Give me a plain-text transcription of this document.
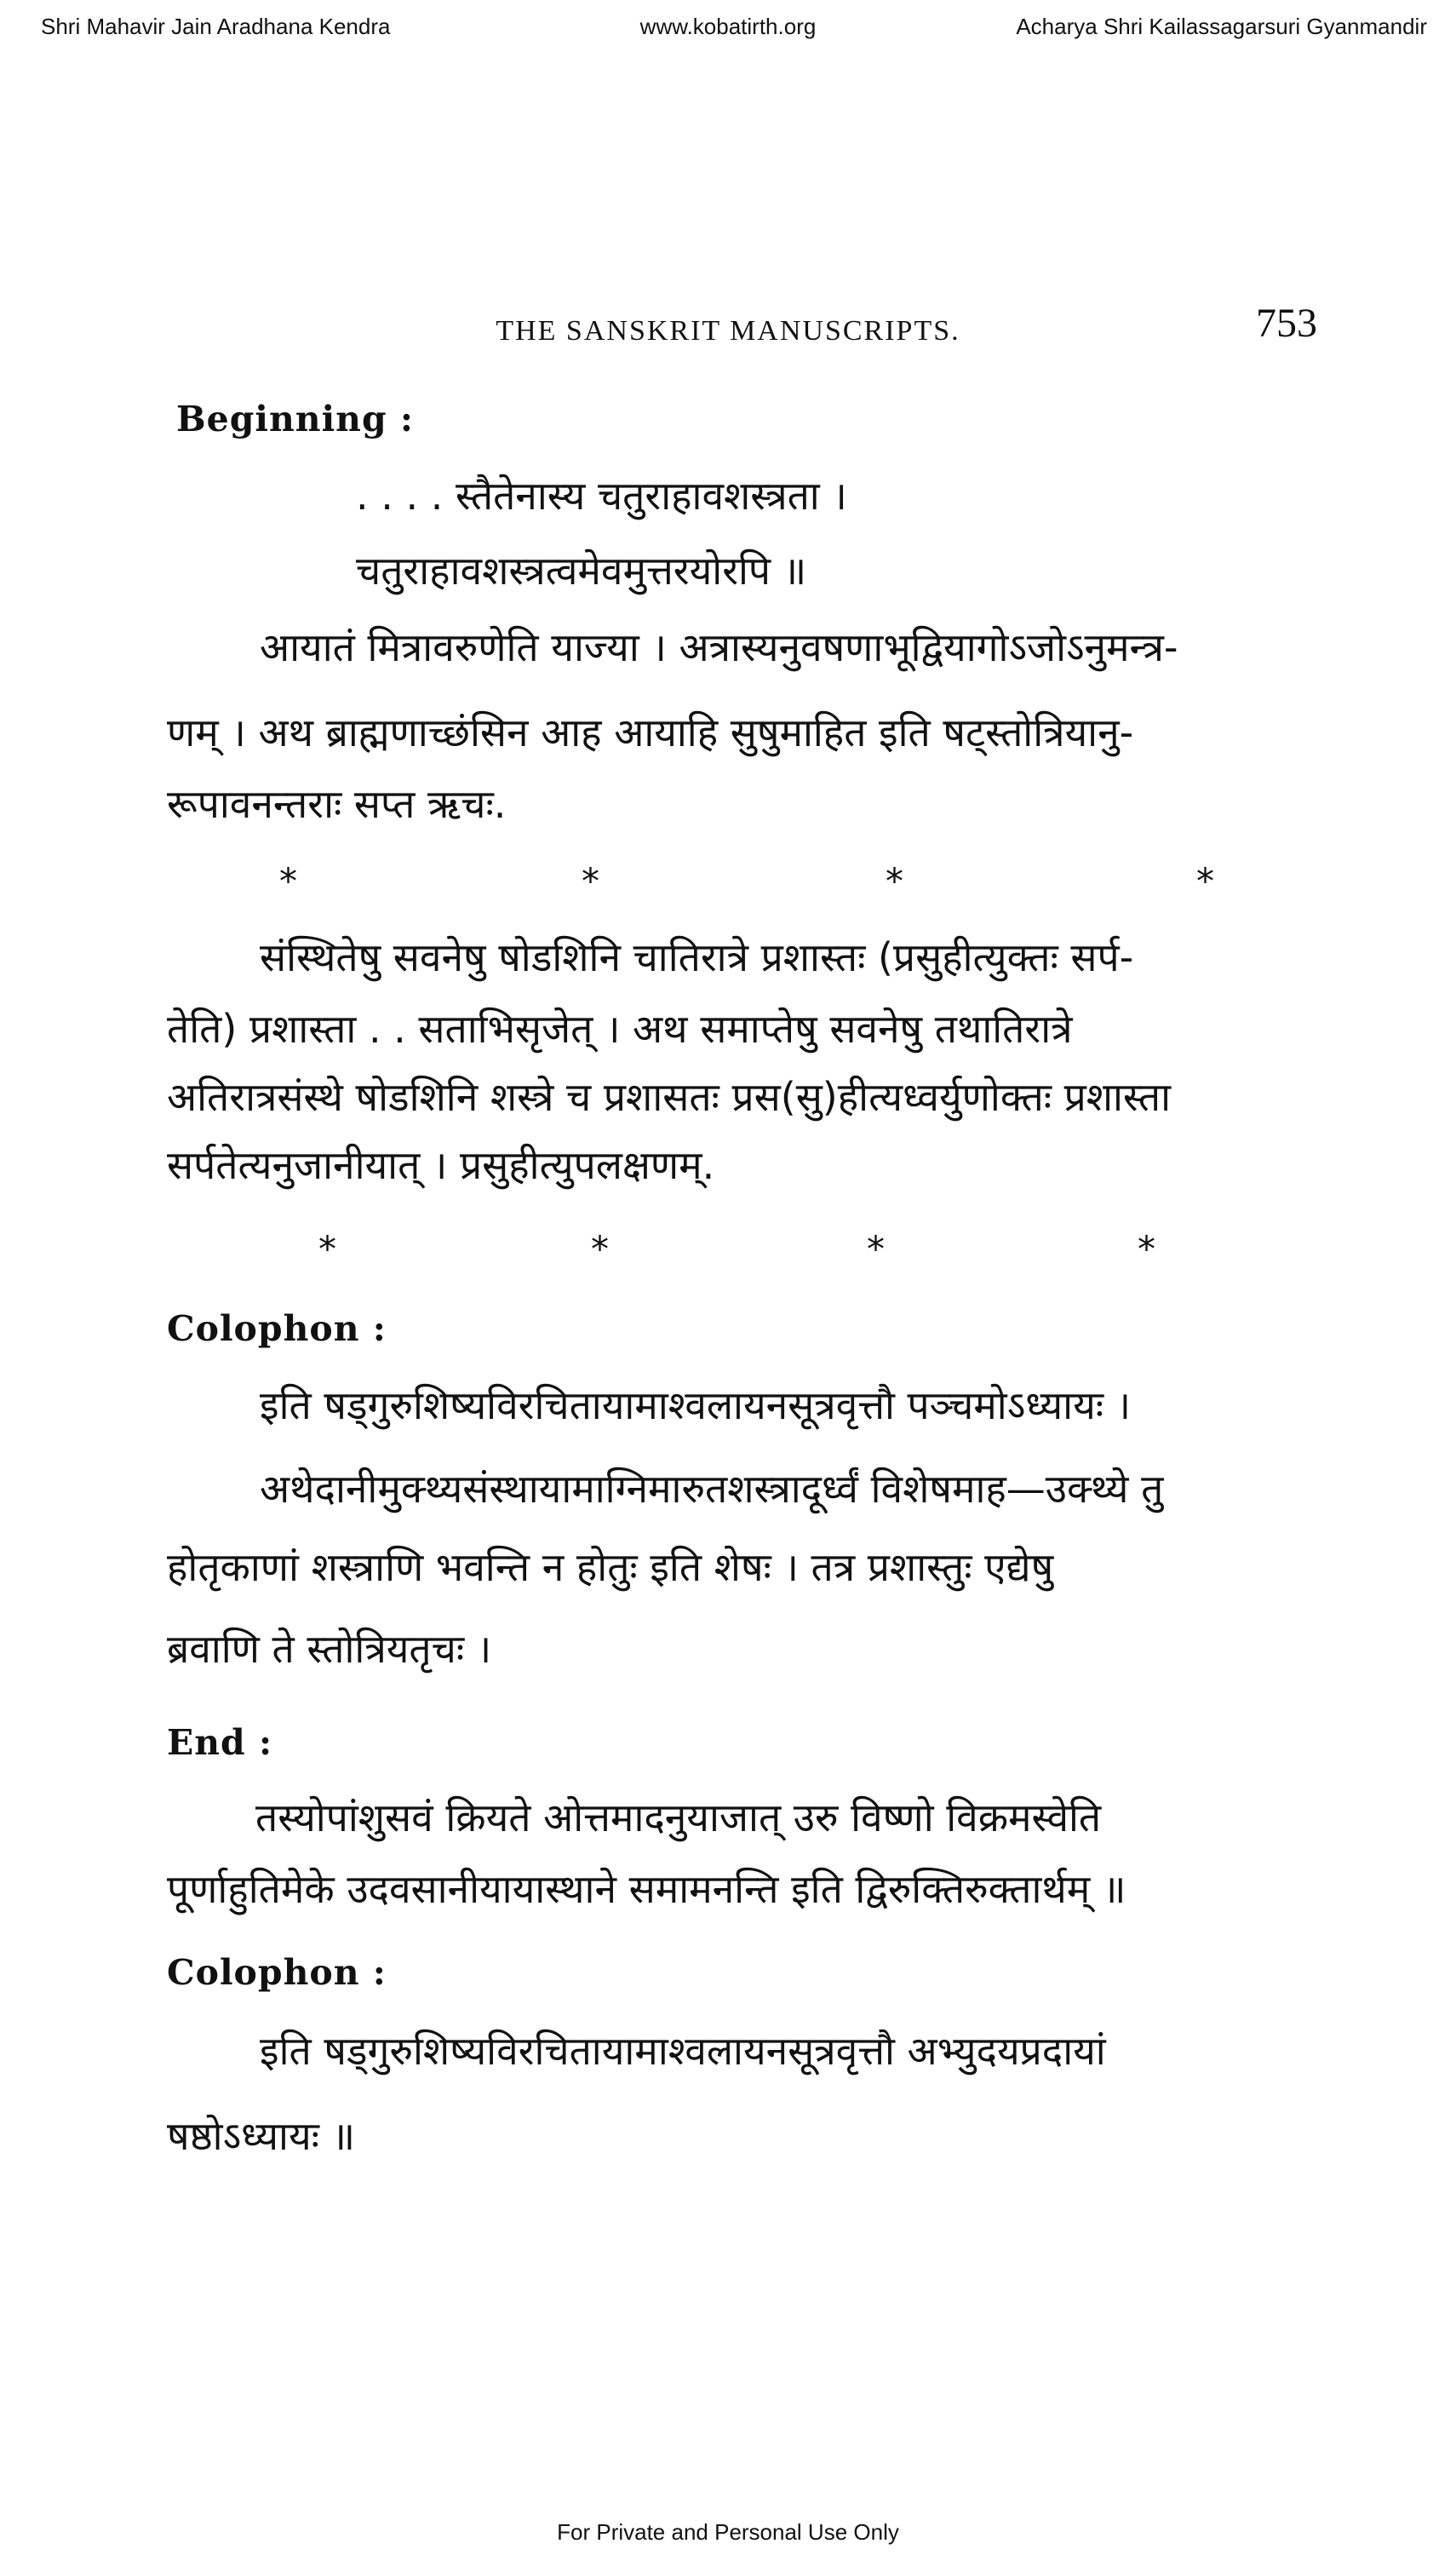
Shri Mahavir Jain Aradhana Kendra	www.kobatirth.org	Acharya Shri Kailassagarsuri Gyanmandir
THE SANSKRIT MANUSCRIPTS.	753
Beginning :
. . . . स्तैतेनास्य चतुराहावशस्त्रता ।
चतुराहावशस्त्रत्वमेवमुत्तरयोरपि ॥
आयातं मित्रावरुणेति याज्या । अत्रास्यनुवषणाभूद्वियागोऽजोऽनुमन्त्र-
णम् । अथ ब्राह्मणाच्छंसिन आह आयाहि सुषुमाहित इति षट्स्तोत्रियानु-
रूपावनन्तराः सप्त ऋचः.
*	*	*	*
संस्थितेषु सवनेषु षोडशिनि चातिरात्रे प्रशास्तः (प्रसुहीत्युक्तः सर्प-
तेति) प्रशास्ता . . सताभिसृजेत् । अथ समाप्तेषु सवनेषु तथातिरात्रे
अतिरात्रसंस्थे षोडशिनि शस्त्रे च प्रशासतः प्रस(सु)हीत्यध्वर्युणोक्तः प्रशास्ता
सर्पतेत्यनुजानीयात् । प्रसुहीत्युपलक्षणम्.
*	*	*	*
Colophon :
इति षड्गुरुशिष्यविरचितायामाश्वलायनसूत्रवृत्तौ पञ्चमोऽध्यायः ।
अथेदानीमुक्थ्यसंस्थायामाग्निमारुतशस्त्रादूर्ध्वं विशेषमाह—उक्थ्ये तु
होतृकाणां शस्त्राणि भवन्ति न होतुः इति शेषः । तत्र प्रशास्तुः एद्येषु
ब्रवाणि ते स्तोत्रियतृचः ।
End :
तस्योपांशुसवं क्रियते ओत्तमादनुयाजात् उरु विष्णो विक्रमस्वेति
पूर्णाहुतिमेके उदवसानीयायास्थाने समामनन्ति इति द्विरुक्तिरुक्तार्थम् ॥
Colophon :
इति षड्गुरुशिष्यविरचितायामाश्वलायनसूत्रवृत्तौ अभ्युदयप्रदायां
षष्ठोऽध्यायः ॥
For Private and Personal Use Only
